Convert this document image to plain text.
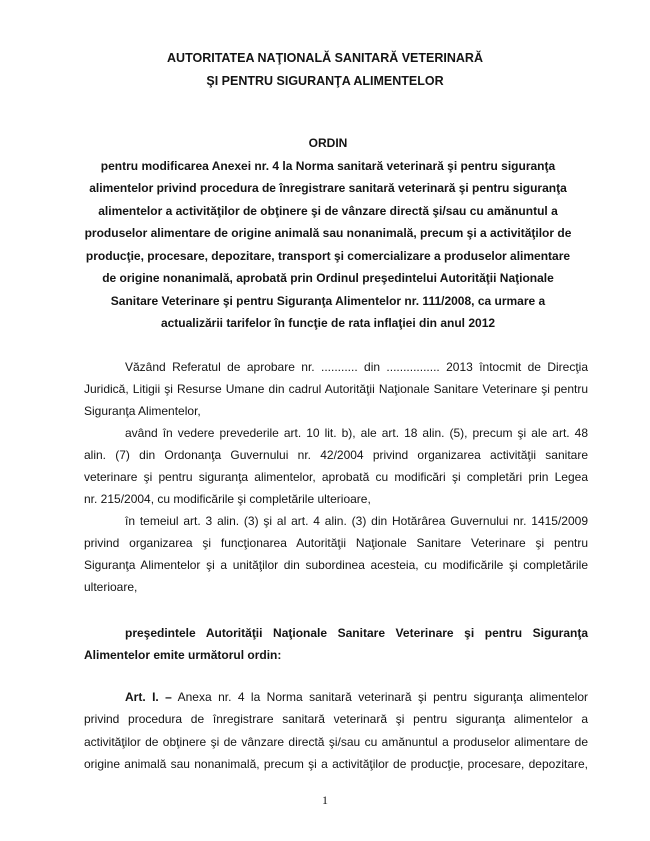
AUTORITATEA NAŢIONALĂ SANITARĂ VETERINARĂ
ŞI PENTRU SIGURANŢA ALIMENTELOR
ORDIN
pentru modificarea Anexei nr. 4 la Norma sanitară veterinară şi pentru siguranţa
alimentelor privind procedura de înregistrare sanitară veterinară şi pentru siguranţa
alimentelor a activităţilor de obţinere şi de vânzare directă şi/sau cu amănuntul a
produselor alimentare de origine animală sau nonanimală, precum şi a activităţilor de
producţie, procesare, depozitare, transport şi comercializare a produselor alimentare
de origine nonanimală, aprobată prin Ordinul preşedintelui Autorităţii Naţionale
Sanitare Veterinare şi pentru Siguranţa Alimentelor nr. 111/2008, ca urmare a
actualizării tarifelor în funcţie de rata inflaţiei din anul 2012
Văzând Referatul de aprobare nr. ........... din ................ 2013 întocmit de Direcţia
Juridică, Litigii şi Resurse Umane din cadrul Autorităţii Naţionale Sanitare Veterinare şi pentru
Siguranţa Alimentelor,
având în vedere prevederile art. 10 lit. b), ale art. 18 alin. (5), precum şi ale art. 48
alin. (7) din Ordonanţa Guvernului nr. 42/2004 privind organizarea activităţii sanitare
veterinare şi pentru siguranţa alimentelor, aprobată cu modificări şi completări prin Legea
nr. 215/2004, cu modificările şi completările ulterioare,
în temeiul art. 3 alin. (3) şi al art. 4 alin. (3) din Hotărârea Guvernului nr. 1415/2009
privind organizarea şi funcţionarea Autorităţii Naţionale Sanitare Veterinare şi pentru
Siguranţa Alimentelor şi a unităţilor din subordinea acesteia, cu modificările şi completările
ulterioare,
preşedintele Autorităţii Naţionale Sanitare Veterinare şi pentru Siguranţa
Alimentelor emite următorul ordin:
Art. I. – Anexa nr. 4 la Norma sanitară veterinară şi pentru siguranţa alimentelor
privind procedura de înregistrare sanitară veterinară şi pentru siguranţa alimentelor a
activităţilor de obţinere şi de vânzare directă şi/sau cu amănuntul a produselor alimentare de
origine animală sau nonanimală, precum şi a activităţilor de producţie, procesare, depozitare,
1
